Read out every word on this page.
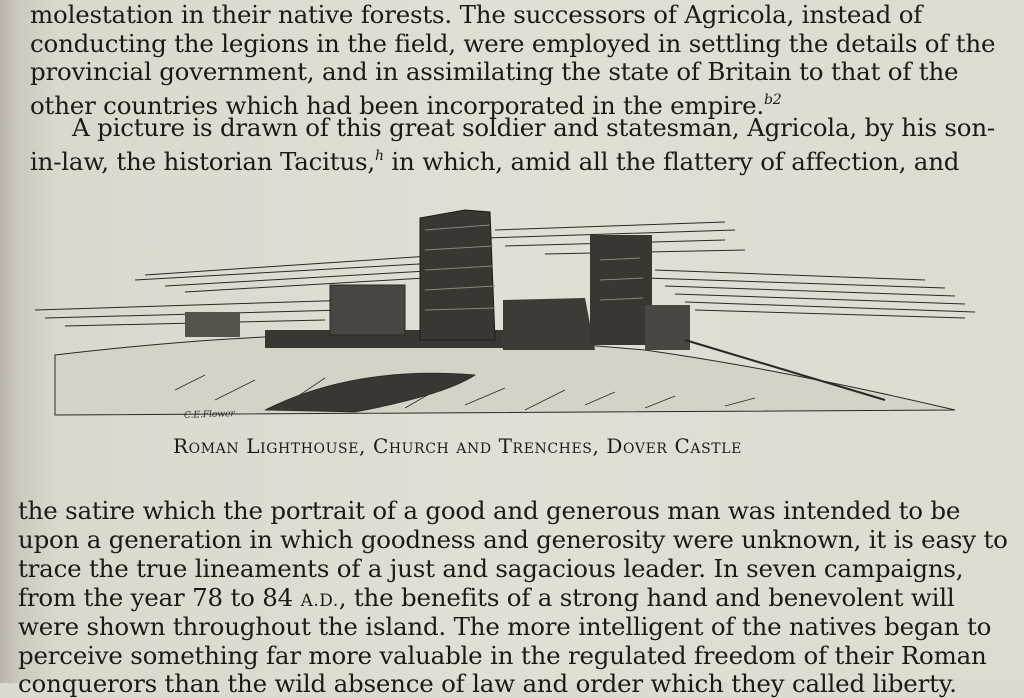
molestation in their native forests. The successors of Agricola, instead of
conducting the legions in the field, were employed in settling the details of the
provincial government, and in assimilating the state of Britain to that of the
other countries which had been incorporated in the empire.$^{b2}$
A picture is drawn of this great soldier and statesman, Agricola, by his son-
in-law, the historian Tacitus,$^h$ in which, amid all the flattery of affection, and
C.E.Flower
Roman Lighthouse, Church and Trenches, Dover Castle
the satire which the portrait of a good and generous man was intended to be
upon a generation in which goodness and generosity were unknown, it is easy to
trace the true lineaments of a just and sagacious leader. In seven campaigns,
from the year 78 to 84 A.D., the benefits of a strong hand and benevolent will
were shown throughout the island. The more intelligent of the natives began to
perceive something far more valuable in the regulated freedom of their Roman
conquerors than the wild absence of law and order which they called liberty.
